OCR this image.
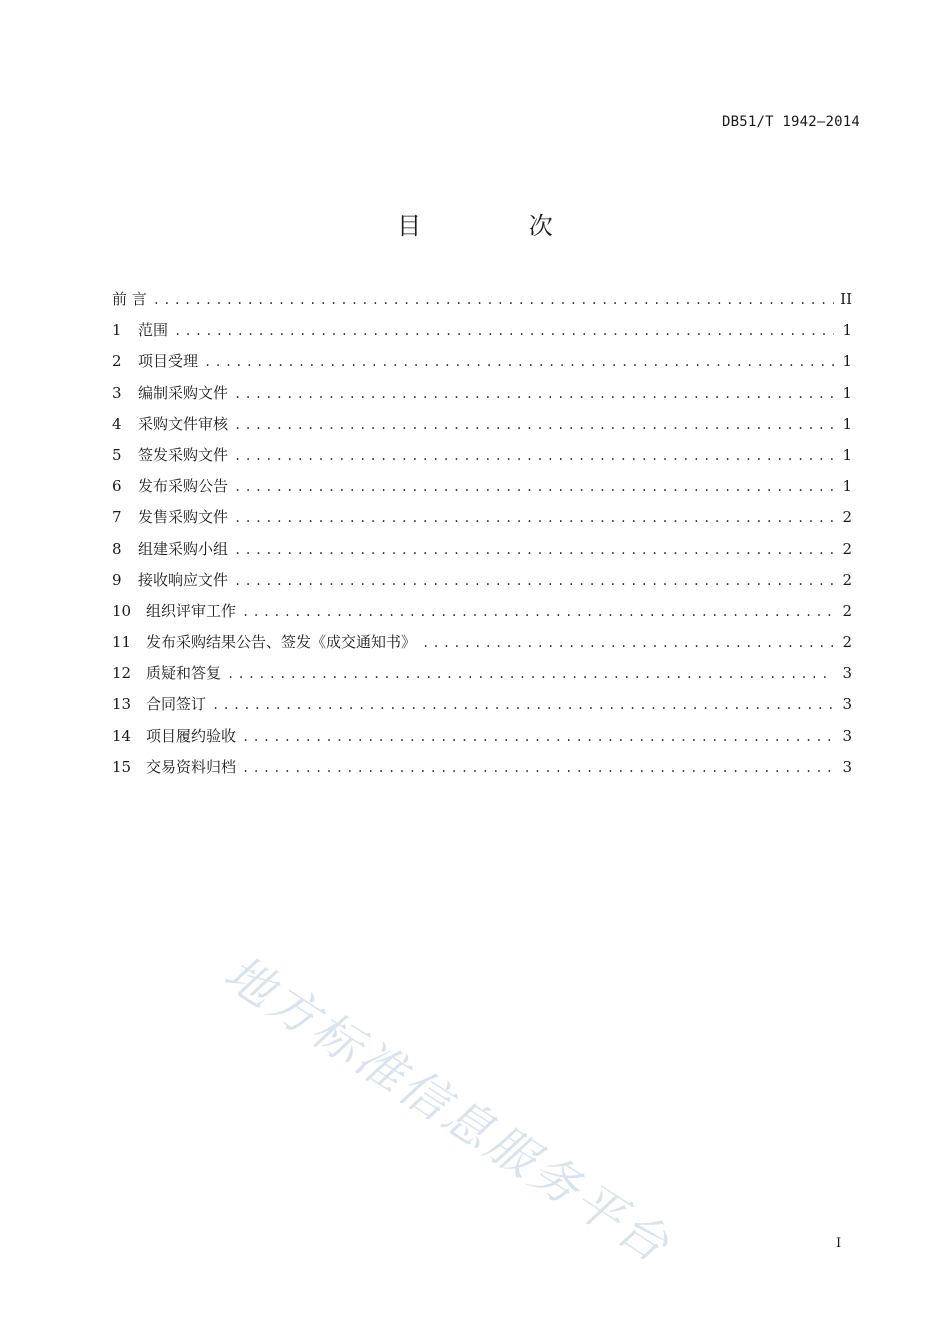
DB51/T 1942—2014
目 次
前 言 .....	II
1	范围 .....	1
2	项目受理 .....	1
3	编制采购文件 .....	1
4	采购文件审核 .....	1
5	签发采购文件 .....	1
6	发布采购公告 .....	1
7	发售采购文件 .....	2
8	组建采购小组 .....	2
9	接收响应文件 .....	2
10 组织评审工作 .....	2
11 发布采购结果公告、签发《成交通知书》 .....	2
12 质疑和答复 .....	3
13 合同签订 .....	3
14 项目履约验收 .....	3
15 交易资料归档 .....	3
地方标准信息服务平台	I
